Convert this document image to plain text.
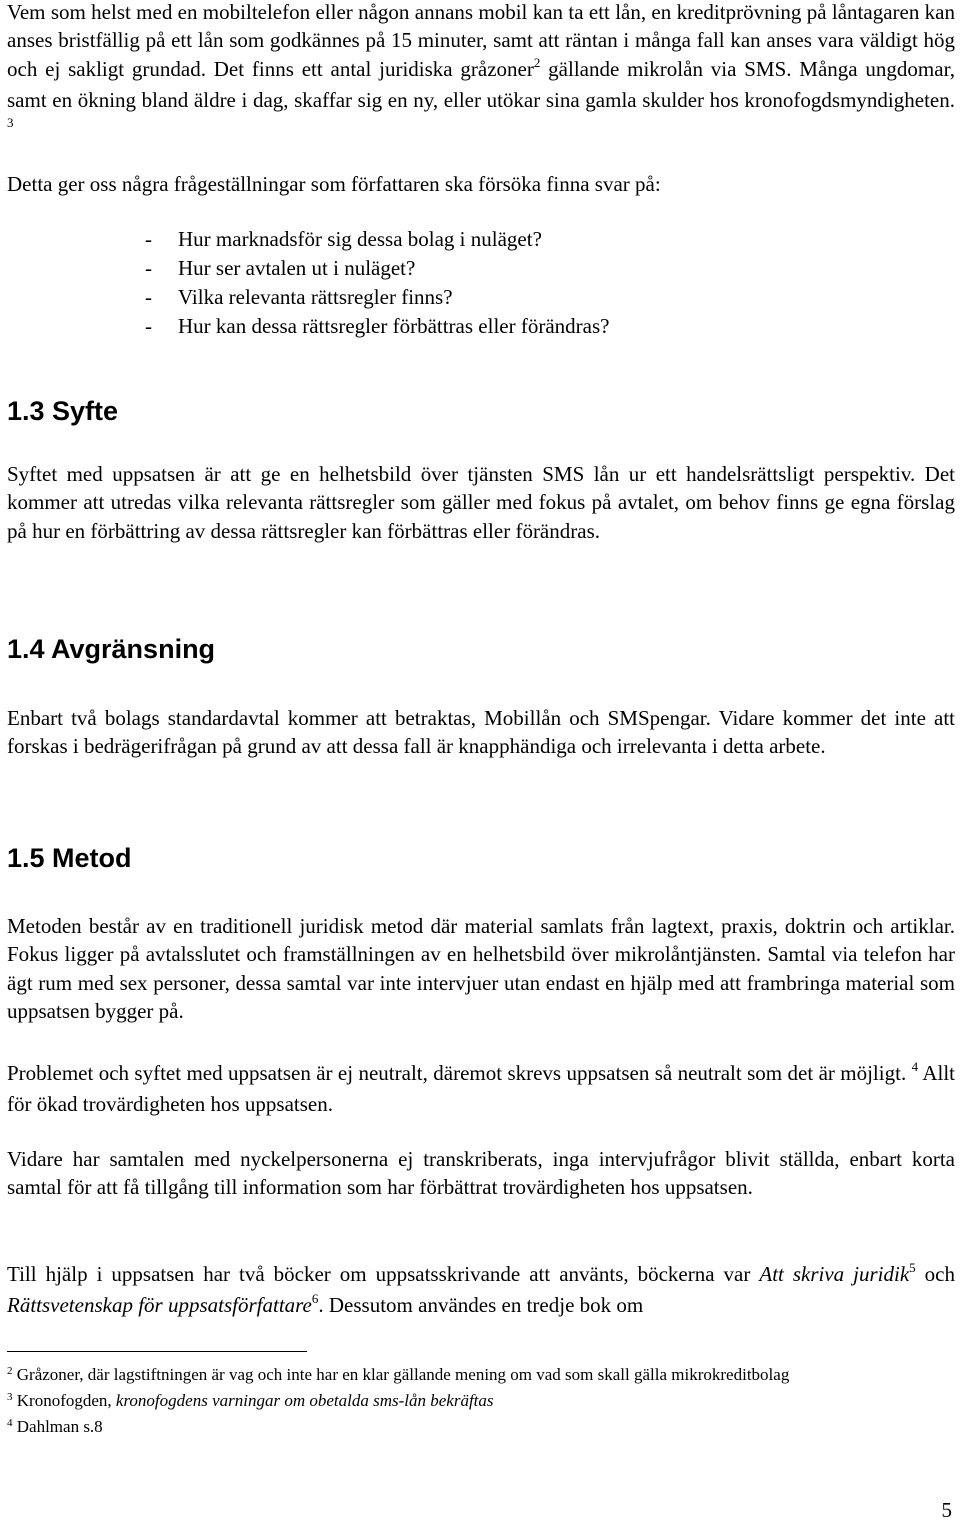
Vem som helst med en mobiltelefon eller någon annans mobil kan ta ett lån, en kreditprövning på låntagaren kan anses bristfällig på ett lån som godkännes på 15 minuter, samt att räntan i många fall kan anses vara väldigt hög och ej sakligt grundad. Det finns ett antal juridiska gråzoner$^2$ gällande mikrolån via SMS. Många ungdomar, samt en ökning bland äldre i dag, skaffar sig en ny, eller utökar sina gamla skulder hos kronofogdsmyndigheten. $^3$

Detta ger oss några frågeställningar som författaren ska försöka finna svar på:

- Hur marknadsför sig dessa bolag i nuläget?
- Hur ser avtalen ut i nuläget?
- Vilka relevanta rättsregler finns?
- Hur kan dessa rättsregler förbättras eller förändras?
1.3 Syfte

Syftet med uppsatsen är att ge en helhetsbild över tjänsten SMS lån ur ett handelsrättsligt perspektiv. Det kommer att utredas vilka relevanta rättsregler som gäller med fokus på avtalet, om behov finns ge egna förslag på hur en förbättring av dessa rättsregler kan förbättras eller förändras.

1.4 Avgränsning

Enbart två bolags standardavtal kommer att betraktas, Mobillån och SMSpengar. Vidare kommer det inte att forskas i bedrägerifrågan på grund av att dessa fall är knapphändiga och irrelevanta i detta arbete.

1.5 Metod

Metoden består av en traditionell juridisk metod där material samlats från lagtext, praxis, doktrin och artiklar. Fokus ligger på avtalsslutet och framställningen av en helhetsbild över mikrolåntjänsten. Samtal via telefon har ägt rum med sex personer, dessa samtal var inte intervjuer utan endast en hjälp med att frambringa material som uppsatsen bygger på.

Problemet och syftet med uppsatsen är ej neutralt, däremot skrevs uppsatsen så neutralt som det är möjligt. $^4$ Allt för ökad trovärdigheten hos uppsatsen.

Vidare har samtalen med nyckelpersonerna ej transkriberats, inga intervjufrågor blivit ställda, enbart korta samtal för att få tillgång till information som har förbättrat trovärdigheten hos uppsatsen.

Till hjälp i uppsatsen har två böcker om uppsatsskrivande att använts, böckerna var Att skriva juridik$^5$ och Rättsvetenskap för uppsatsförfattare$^6$. Dessutom användes en tredje bok om

$^2$ Gråzoner, där lagstiftningen är vag och inte har en klar gällande mening om vad som skall gälla mikrokreditbolag
$^3$ Kronofogden, kronofogdens varningar om obetalda sms-lån bekräftas
$^4$ Dahlman s.8
5
